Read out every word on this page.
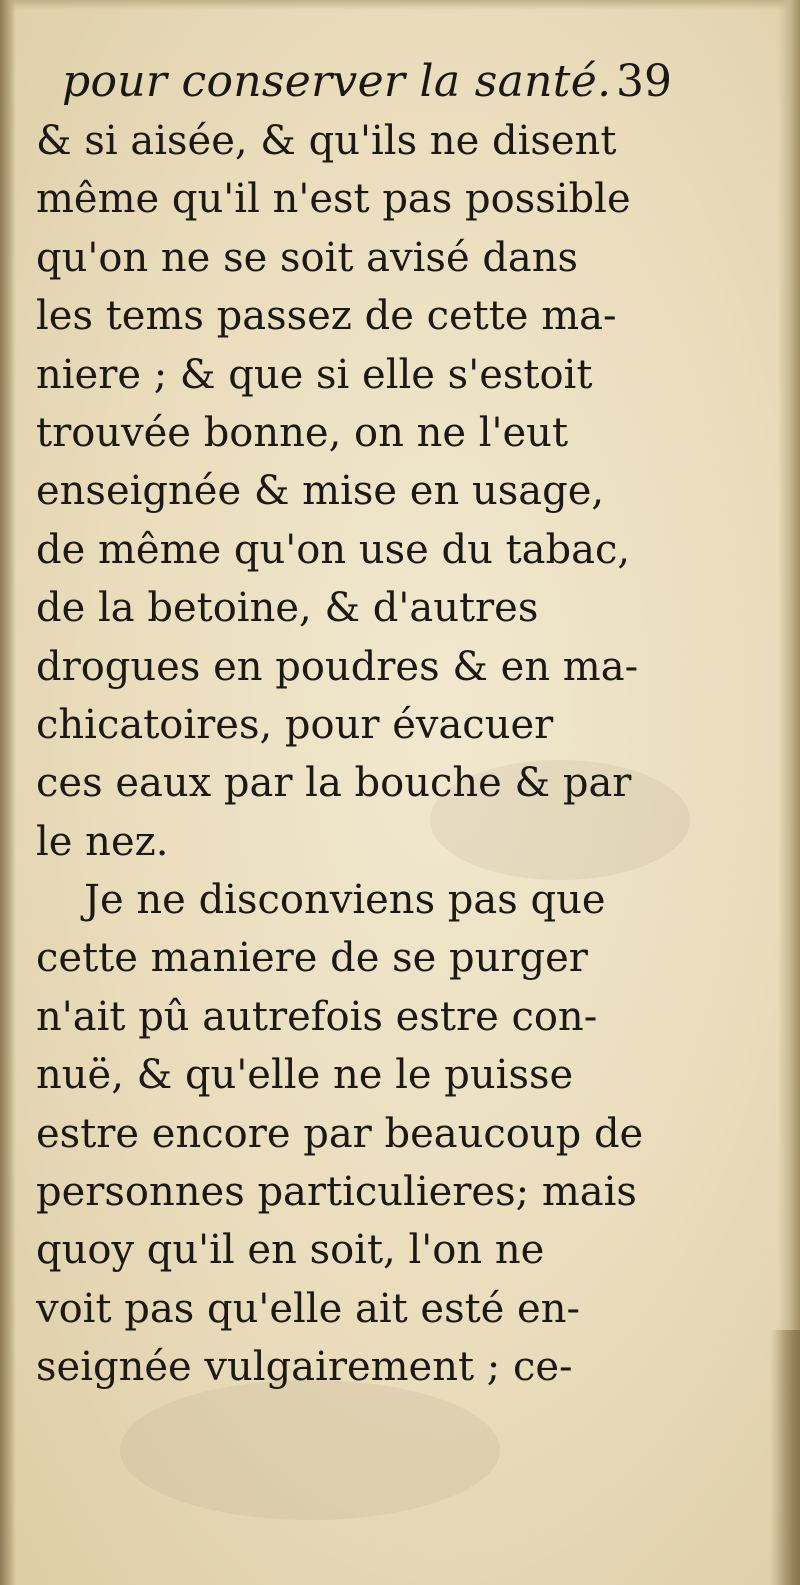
pour conserver la santé. 39
& si aisée, & qu'ils ne disent
même qu'il n'est pas possible
qu'on ne se soit avisé dans
les tems passez de cette ma-
niere ; & que si elle s'estoit
trouvée bonne, on ne l'eut
enseignée & mise en usage,
de même qu'on use du tabac,
de la betoine, & d'autres
drogues en poudres & en ma-
chicatoires, pour évacuer
ces eaux par la bouche & par
le nez.
Je ne disconviens pas que
cette maniere de se purger
n'ait pû autrefois estre con-
nuë, & qu'elle ne le puisse
estre encore par beaucoup de
personnes particulieres; mais
quoy qu'il en soit, l'on ne
voit pas qu'elle ait esté en-
seignée vulgairement ; ce-
